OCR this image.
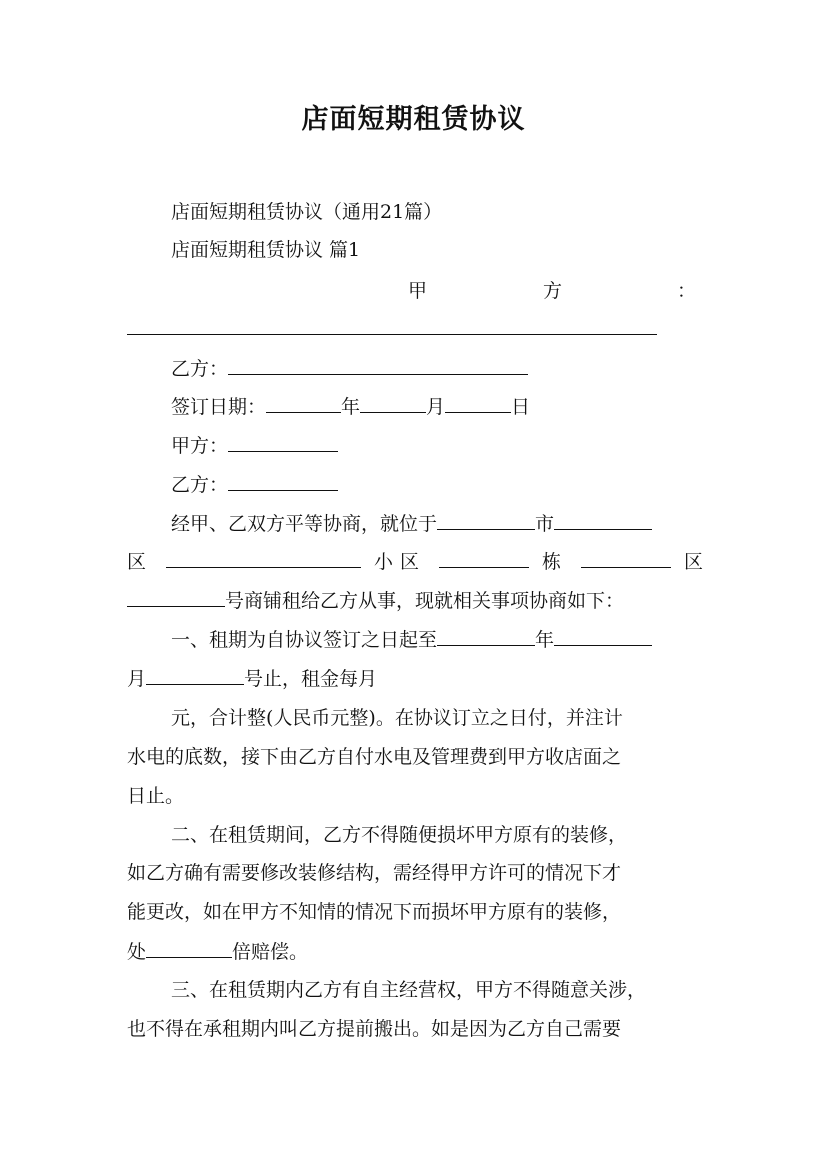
店面短期租赁协议
店面短期租赁协议（通用21篇）
店面短期租赁协议 篇1
甲	方	：
乙方：
签订日期：	年	月	日
甲方：
乙方：
经甲、乙双方平等协商，就位于	市
区	小区	栋	区
号商铺租给乙方从事，现就相关事项协商如下：
一、租期为自协议签订之日起至	年
月	号止，租金每月
元，合计整(人民币元整)。在协议订立之日付，并注计
水电的底数，接下由乙方自付水电及管理费到甲方收店面之
日止。
二、在租赁期间，乙方不得随便损坏甲方原有的装修，
如乙方确有需要修改装修结构，需经得甲方许可的情况下才
能更改，如在甲方不知情的情况下而损坏甲方原有的装修，
处	倍赔偿。
三、在租赁期内乙方有自主经营权，甲方不得随意关涉，
也不得在承租期内叫乙方提前搬出。如是因为乙方自己需要
